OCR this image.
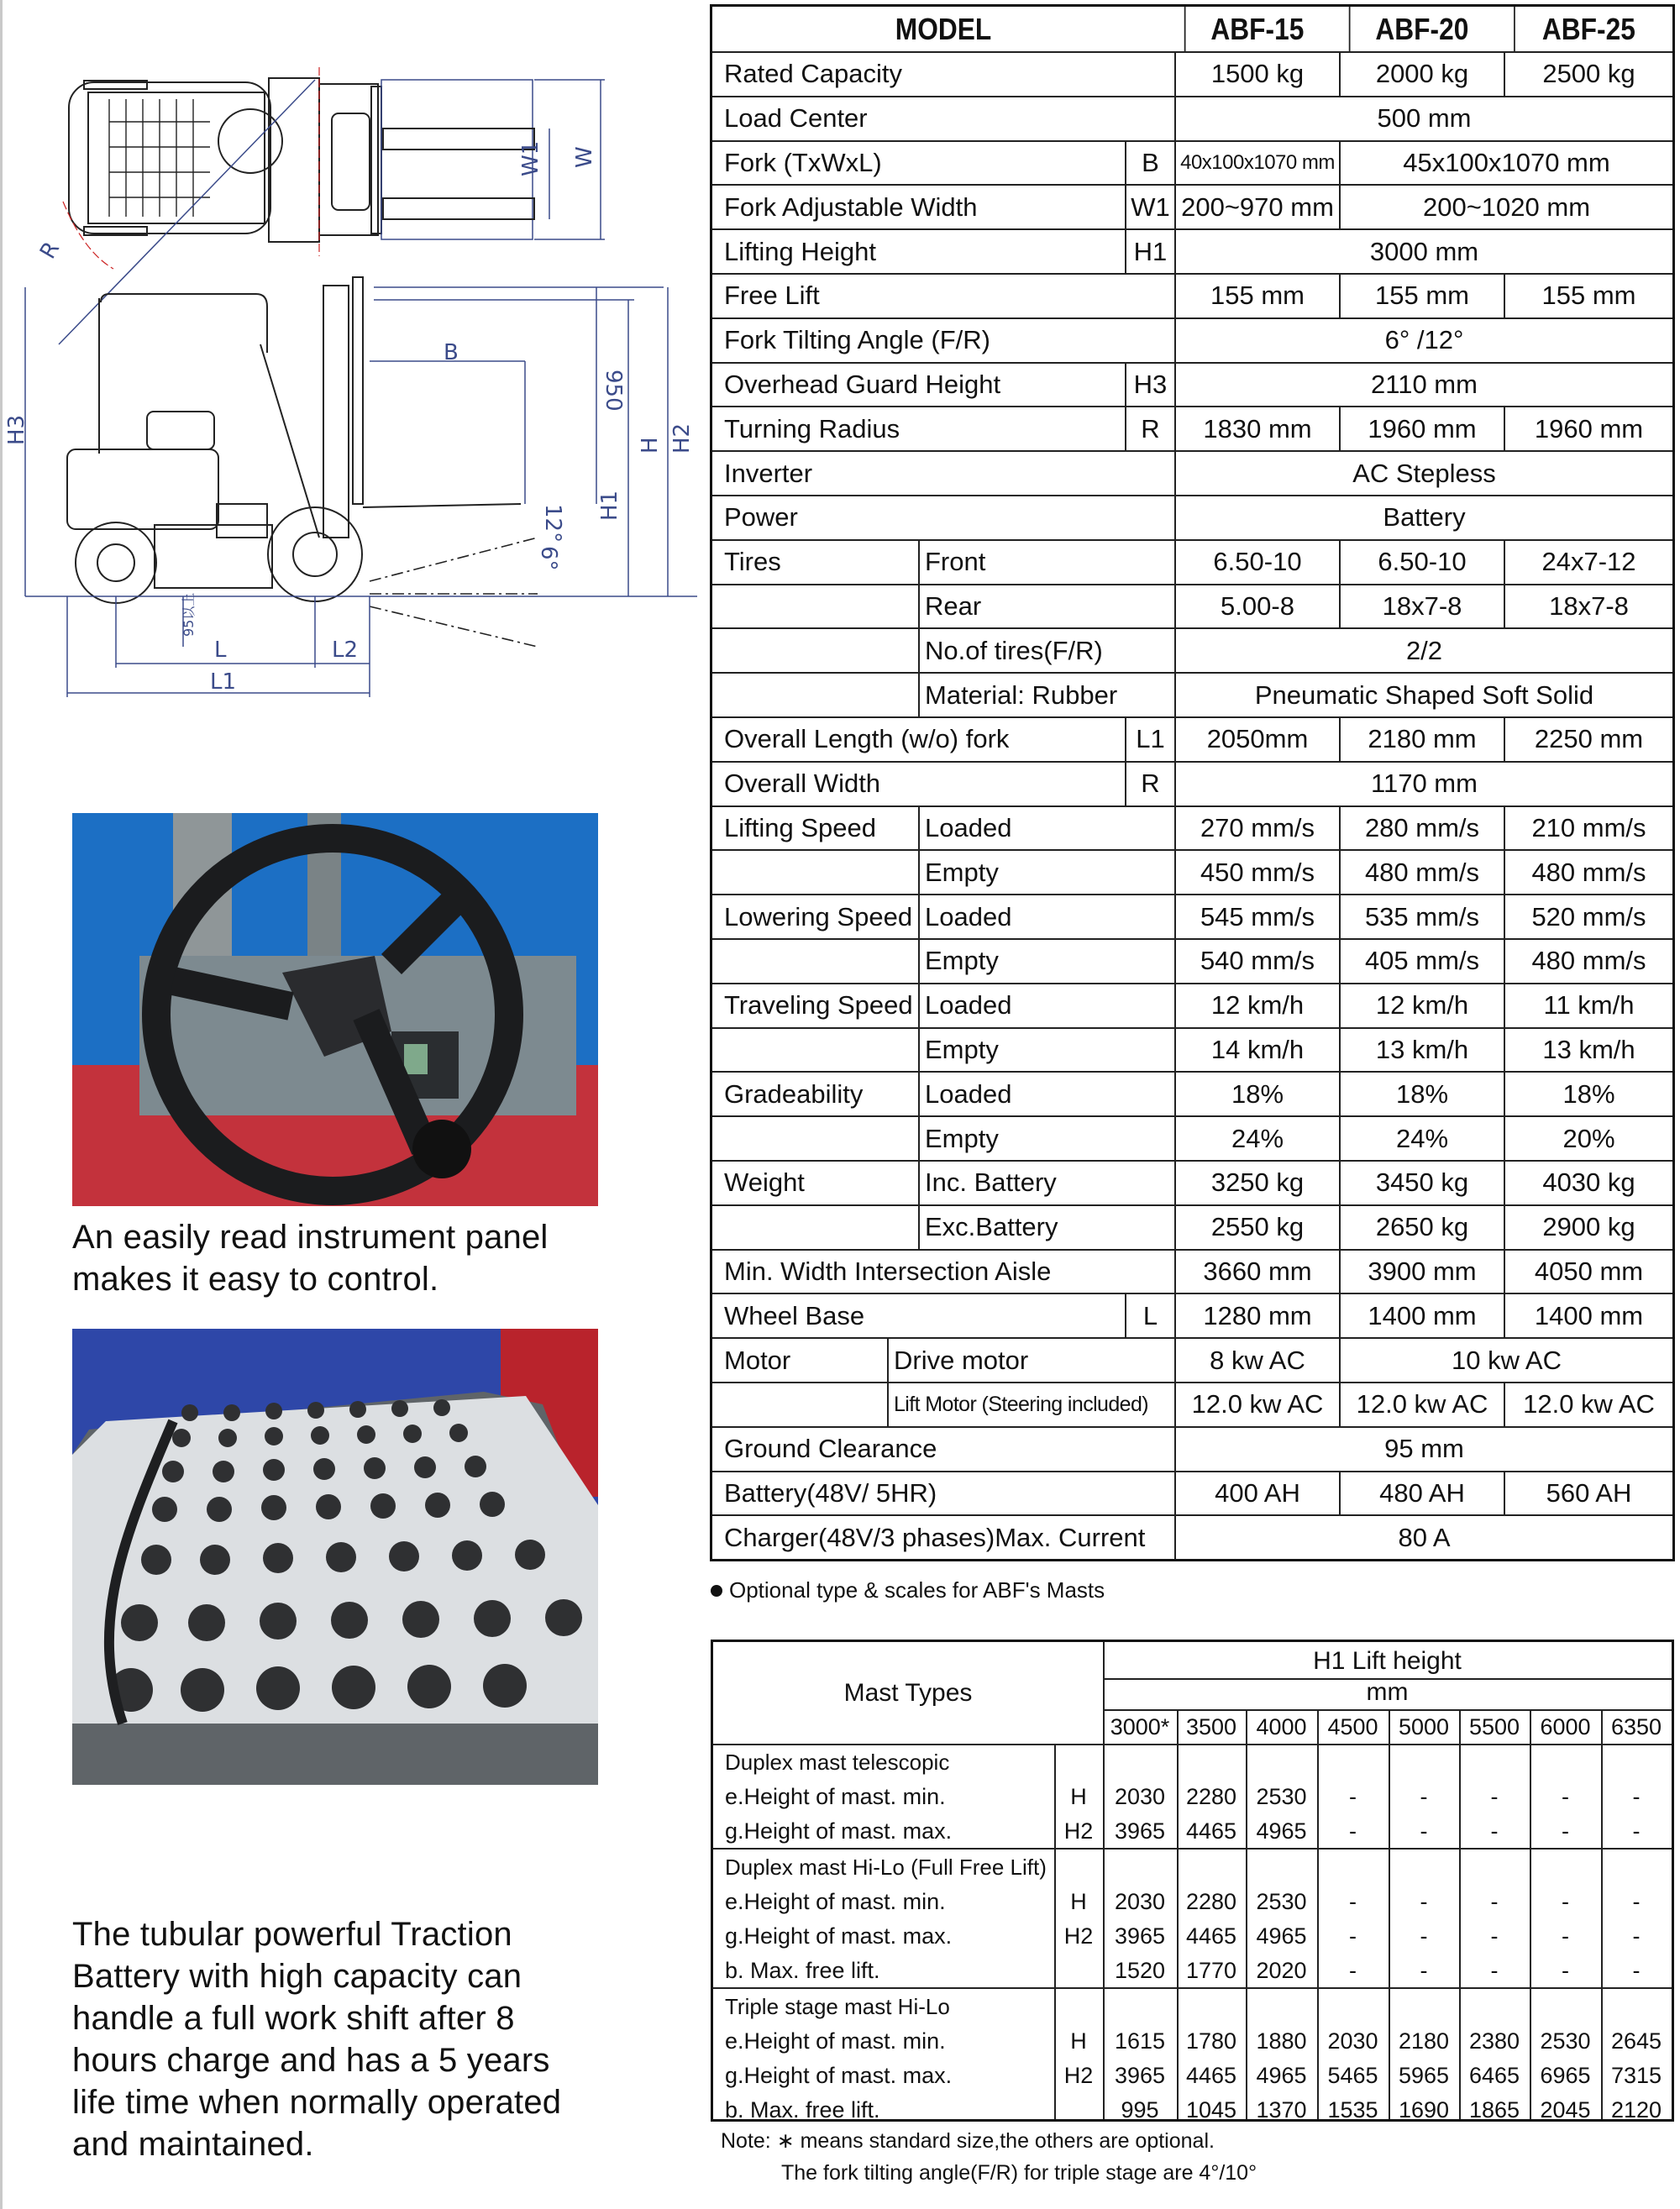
R
W1 W
H3
B
950
H H2
H1
12°
6°
95以上
L	L2
L1
An easily read instrument panel
makes it easy to control.
The tubular powerful Traction
Battery with high capacity can
handle a full work shift after 8
hours charge and has a 5 years
life time when normally operated
and maintained.
MODEL	ABF-15	ABF-20	ABF-25
Rated Capacity	1500 kg	2000 kg	2500 kg
Load Center	500 mm
Fork (TxWxL)	B	40x100x1070 mm	45x100x1070 mm
Fork Adjustable Width	W1 200~970 mm	200~1020 mm
Lifting Height	H1	3000 mm
Free Lift	155 mm	155 mm	155 mm
Fork Tilting Angle (F/R)	6° /12°
Overhead Guard Height	H3	2110 mm
Turning Radius	R	1830 mm	1960 mm	1960 mm
Inverter	AC Stepless
Power	Battery
Tires	Front	6.50-10	6.50-10	24x7-12
Rear	5.00-8	18x7-8	18x7-8
No.of tires(F/R)	2/2
Material: Rubber	Pneumatic Shaped Soft Solid
Overall Length (w/o) fork	L1	2050mm	2180 mm	2250 mm
Overall Width	R	1170 mm
Lifting Speed	Loaded	270 mm/s	280 mm/s	210 mm/s
Empty	450 mm/s	480 mm/s	480 mm/s
Lowering Speed Loaded	545 mm/s	535 mm/s	520 mm/s
Empty	540 mm/s	405 mm/s	480 mm/s
Traveling Speed Loaded	12 km/h	12 km/h	11 km/h
Empty	14 km/h	13 km/h	13 km/h
Gradeability	Loaded	18%	18%	18%
Empty	24%	24%	20%
Weight	Inc. Battery	3250 kg	3450 kg	4030 kg
Exc.Battery	2550 kg	2650 kg	2900 kg
Min. Width Intersection Aisle	3660 mm	3900 mm	4050 mm
Wheel Base	L	1280 mm	1400 mm	1400 mm
Motor	Drive motor	8 kw AC	10 kw AC
Lift Motor (Steering included)	12.0 kw AC	12.0 kw AC	12.0 kw AC
Ground Clearance	95 mm
Battery(48V/ 5HR)	400 AH	480 AH	560 AH
Charger(48V/3 phases)Max. Current	80 A
Optional type & scales for ABF's Masts
Mast Types
H1 Lift height
mm
3000* 3500 4000 4500 5000 5500 6000 6350
Duplex mast telescopic
e.Height of mast. min.	H	2030 2280 2530	-	-	-	-	-
g.Height of mast. max.	H2 3965 4465 4965	-	-	-	-	-
Duplex mast Hi-Lo (Full Free Lift)
e.Height of mast. min.	H	2030 2280 2530	-	-	-	-	-
g.Height of mast. max.	H2 3965 4465 4965	-	-	-	-	-
b. Max. free lift.	1520 1770 2020	-	-	-	-	-
Triple stage mast Hi-Lo
e.Height of mast. min.	H	1615 1780 1880 2030 2180 2380 2530 2645
g.Height of mast. max.	H2 3965 4465 4965 5465 5965 6465 6965 7315
b. Max. free lift.	995	1045 1370 1535 1690 1865 2045 2120
Note: ∗ means standard size,the others are optional.
The fork tilting angle(F/R) for triple stage are 4°/10°
